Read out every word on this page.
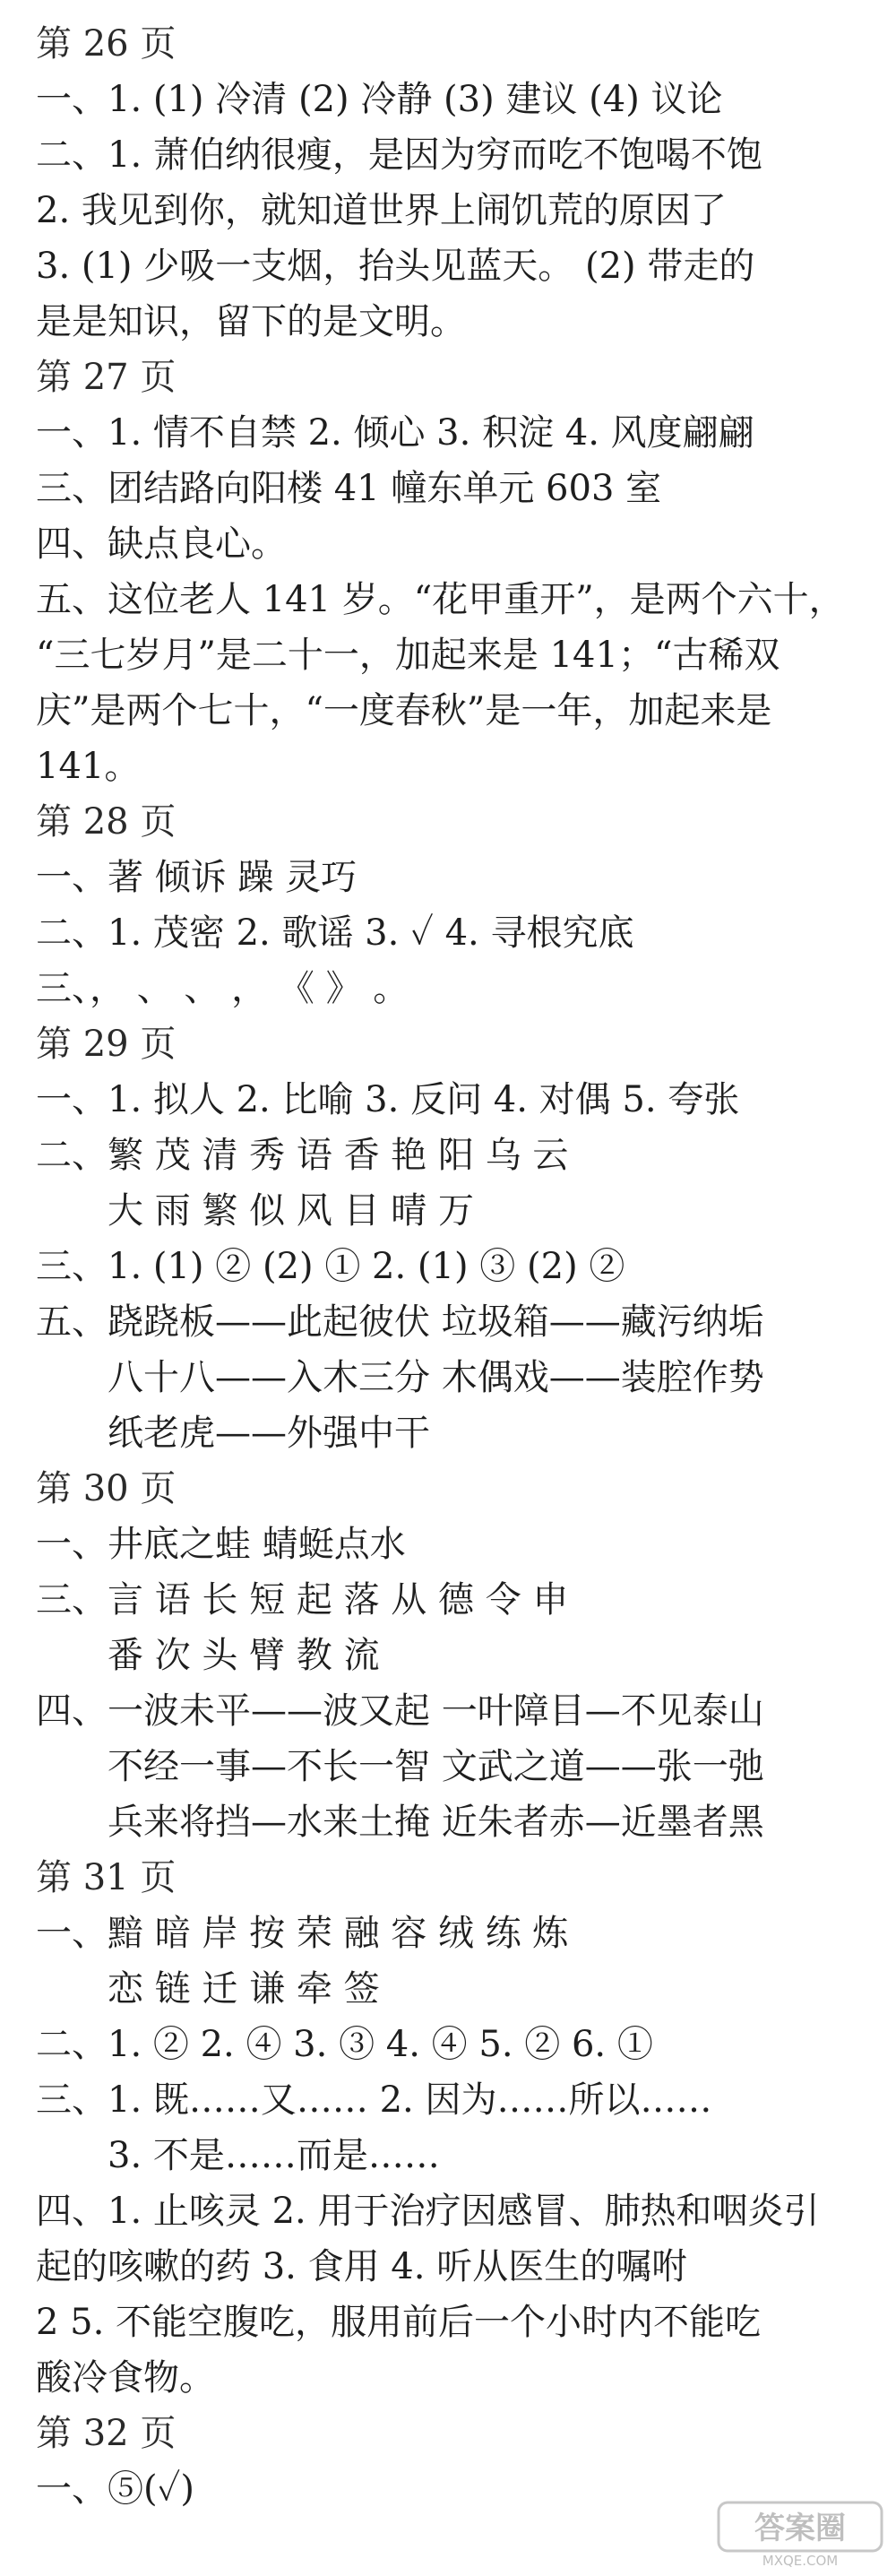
第 26 页

一、1. (1) 冷清 (2) 冷静 (3) 建议 (4) 议论

二、1. 萧伯纳很瘦，是因为穷而吃不饱喝不饱

2. 我见到你，就知道世界上闹饥荒的原因了

3. (1) 少吸一支烟，抬头见蓝天。 (2) 带走的

是是知识，留下的是文明。

第 27 页

一、1. 情不自禁 2. 倾心 3. 积淀 4. 风度翩翩

三、团结路向阳楼 41 幢东单元 603 室

四、缺点良心。

五、这位老人 141 岁。“花甲重开”，是两个六十，

“三七岁月”是二十一，加起来是 141；“古稀双

庆”是两个七十，“一度春秋”是一年，加起来是

141。

第 28 页

一、著 倾诉 躁 灵巧

二、1. 茂密 2. 歌谣 3. ✓ 4. 寻根究底

三、， 、 、 ， 《 》 。

第 29 页

一、1. 拟人 2. 比喻 3. 反问 4. 对偶 5. 夸张

二、繁 茂 清 秀 语 香 艳 阳 乌 云

大 雨 繁 似 风 目 晴 万

三、1. (1) ② (2) ① 2. (1) ③ (2) ②

五、跷跷板——此起彼伏 垃圾箱——藏污纳垢

八十八——入木三分 木偶戏——装腔作势

纸老虎——外强中干

第 30 页

一、井底之蛙 蜻蜓点水

三、言 语 长 短 起 落 从 德 令 申

番 次 头 臂 教 流

四、一波未平——波又起 一叶障目—不见泰山

不经一事—不长一智 文武之道——张一弛

兵来将挡—水来土掩 近朱者赤—近墨者黑

第 31 页

一、黯 暗 岸 按 荣 融 容 绒 练 炼

恋 链 迁 谦 牵 签

二、1. ② 2. ④ 3. ③ 4. ④ 5. ② 6. ①

三、1. 既……又…… 2. 因为……所以……

3. 不是……而是……

四、1. 止咳灵 2. 用于治疗因感冒、肺热和咽炎引

起的咳嗽的药 3. 食用 4. 听从医生的嘱咐

2 5. 不能空腹吃，服用前后一个小时内不能吃

酸冷食物。

第 32 页

一、⑤(✓)

答案圈
MXQE.COM
